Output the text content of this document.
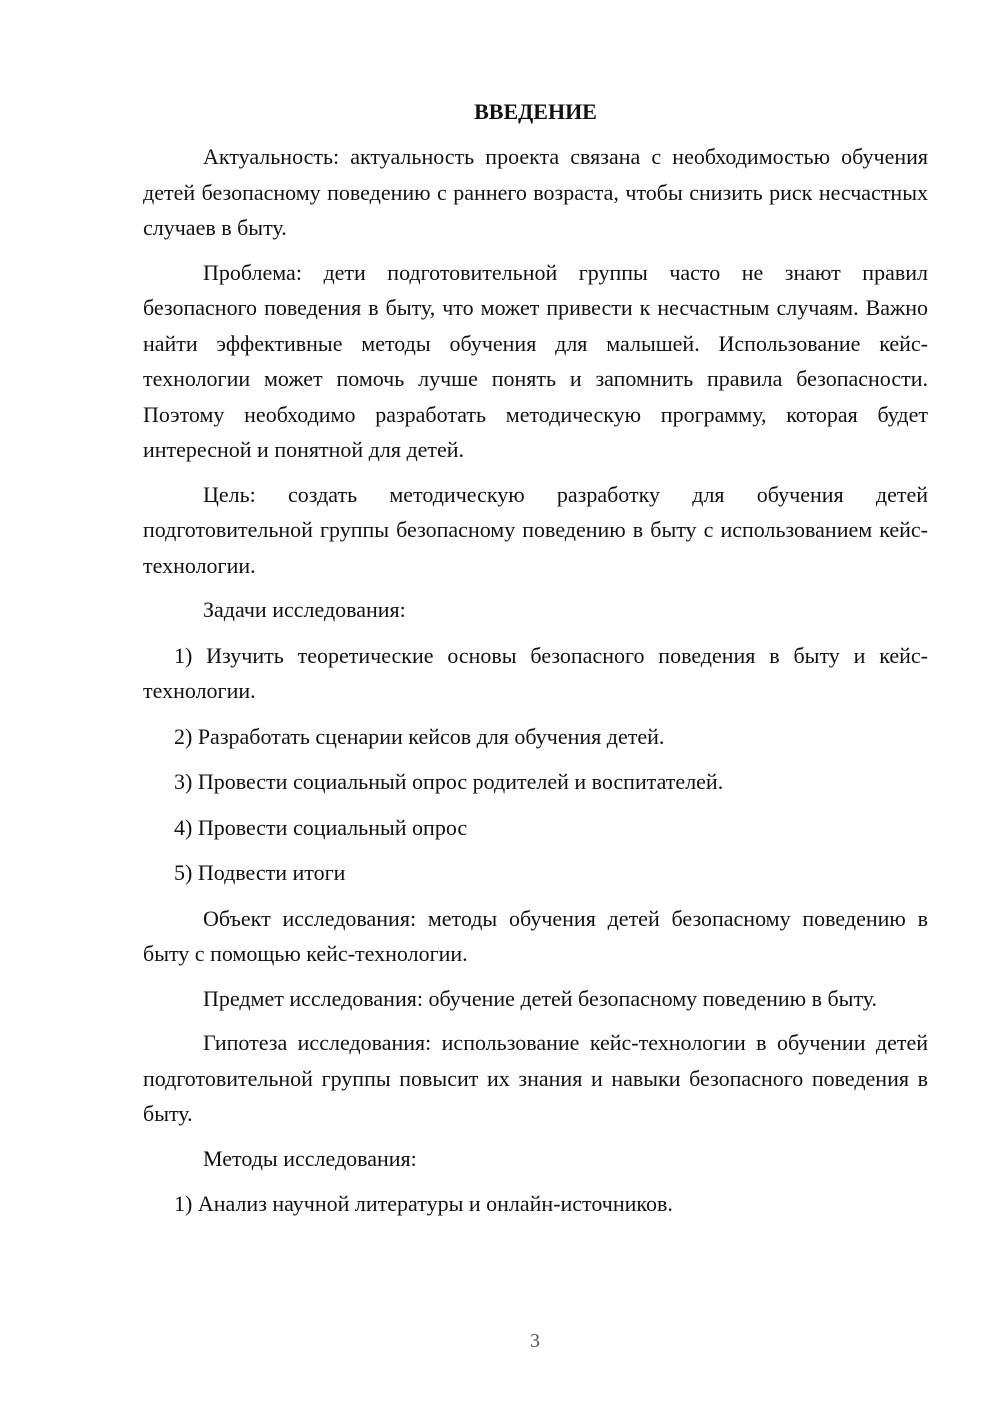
ВВЕДЕНИЕ

Актуальность: актуальность проекта связана с необходимостью обучения детей безопасному поведению с раннего возраста, чтобы снизить риск несчастных случаев в быту.

Проблема: дети подготовительной группы часто не знают правил безопасного поведения в быту, что может привести к несчастным случаям. Важно найти эффективные методы обучения для малышей. Использование кейс-технологии может помочь лучше понять и запомнить правила безопасности. Поэтому необходимо разработать методическую программу, которая будет интересной и понятной для детей.

Цель: создать методическую разработку для обучения детей подготовительной группы безопасному поведению в быту с использованием кейс-технологии.

Задачи исследования:

1) Изучить теоретические основы безопасного поведения в быту и кейс-технологии.
2) Разработать сценарии кейсов для обучения детей.
3) Провести социальный опрос родителей и воспитателей.
4) Провести социальный опрос
5) Подвести итоги

Объект исследования: методы обучения детей безопасному поведению в быту с помощью кейс-технологии.

Предмет исследования: обучение детей безопасному поведению в быту.

Гипотеза исследования: использование кейс-технологии в обучении детей подготовительной группы повысит их знания и навыки безопасного поведения в быту.

Методы исследования:

1) Анализ научной литературы и онлайн-источников.
3
